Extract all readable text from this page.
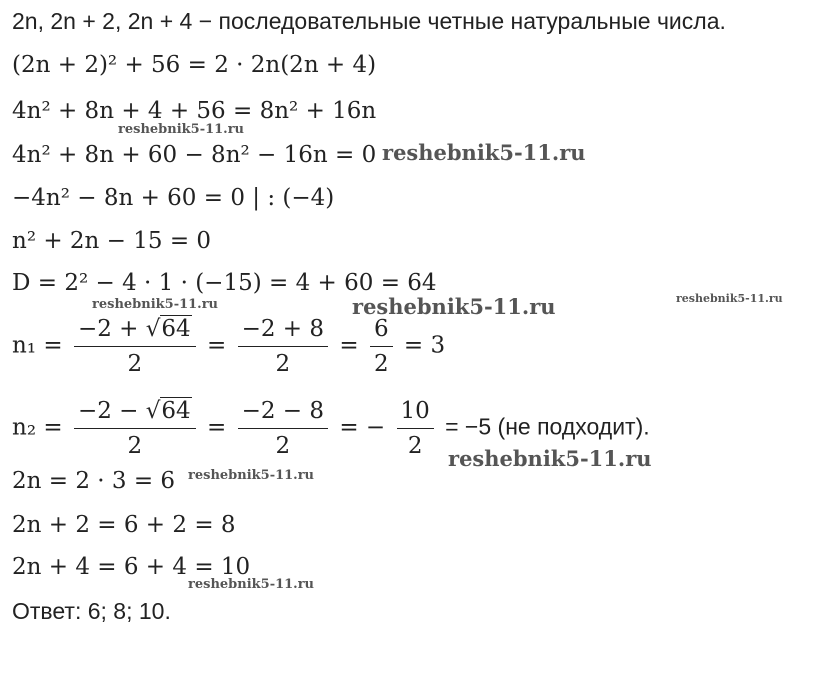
2n, 2n + 2, 2n + 4 − последовательные четные натуральные числа.
(2n + 2)² + 56 = 2 · 2n(2n + 4)
4n² + 8n + 4 + 56 = 8n² + 16n
4n² + 8n + 60 − 8n² − 16n = 0
−4n² − 8n + 60 = 0 | : (−4)
n² + 2n − 15 = 0
D = 2² − 4 · 1 · (−15) = 4 + 60 = 64
$n_1 = \frac{-2 + √64}{2} = \frac{-2 + 8}{2} = \frac{6}{2} = 3$
$n_2 = \frac{-2 - √64}{2} = \frac{-2 - 8}{2}$ = − $\frac{10}{2} = -5$ (не подходит).
2n = 2 · 3 = 6
2n + 2 = 6 + 2 = 8
2n + 4 = 6 + 4 = 10
Ответ: 6; 8; 10.
reshebnik5-11.ru
reshebnik5-11.ru
reshebnik5-11.ru	reshebnik5-11.ru	reshebnik5-11.ru
reshebnik5-11.ru
reshebnik5-11.ru
reshebnik5-11.ru
